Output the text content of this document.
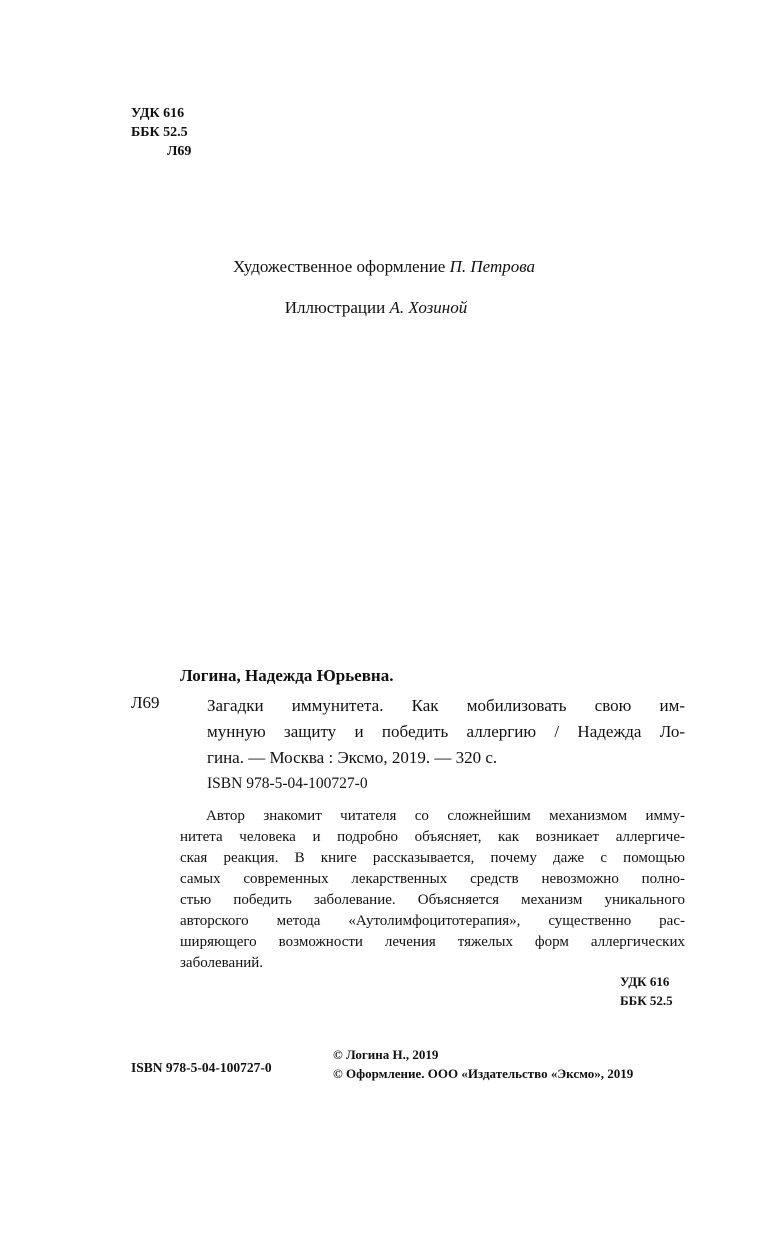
УДК 616
ББК 52.5
Л69
Художественное оформление П. Петрова
Иллюстрации А. Хозиной
Логина, Надежда Юрьевна.
Л69	Загадки иммунитета. Как мобилизовать свою им-
мунную защиту и победить аллергию / Надежда Ло-
гина. — Москва : Эксмо, 2019. — 320 с.
ISBN 978-5-04-100727-0
Автор знакомит читателя со сложнейшим механизмом имму-
нитета человека и подробно объясняет, как возникает аллергиче-
ская реакция. В книге рассказывается, почему даже с помощью
самых современных лекарственных средств невозможно полно-
стью победить заболевание. Объясняется механизм уникального
авторского метода «Аутолимфоцитотерапия», существенно рас-
ширяющего возможности лечения тяжелых форм аллергических
заболеваний.
УДК 616
ББК 52.5
ISBN 978-5-04-100727-0
© Логина Н., 2019
© Оформление. ООО «Издательство «Эксмо», 2019
